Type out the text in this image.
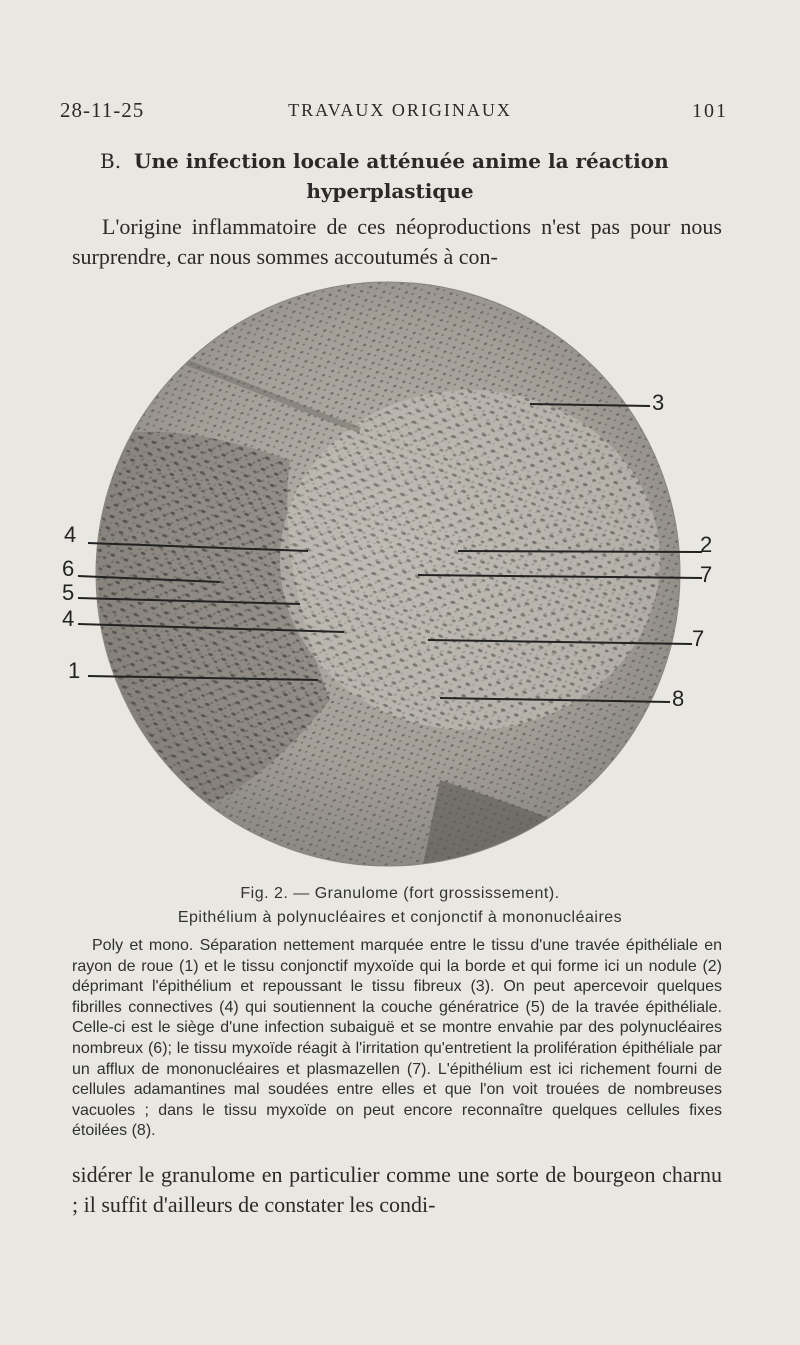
28-11-25	TRAVAUX ORIGINAUX	101
B. Une infection locale atténuée anime la réaction
hyperplastique
L'origine inflammatoire de ces néoproductions n'est pas pour nous surprendre, car nous sommes accoutumés à con-
3
4	2
6	7
5
4
7
1
8
Fig. 2. — Granulome (fort grossissement).
Epithélium à polynucléaires et conjonctif à mononucléaires

Poly et mono. Séparation nettement marquée entre le tissu d'une travée épithéliale en rayon de roue (1) et le tissu conjonctif myxoïde qui la borde et qui forme ici un nodule (2) déprimant l'épithélium et repoussant le tissu fibreux (3). On peut apercevoir quelques fibrilles connectives (4) qui soutiennent la couche génératrice (5) de la travée épithéliale. Celle-ci est le siège d'une infection subaiguë et se montre envahie par des polynucléaires nombreux (6); le tissu myxoïde réagit à l'irritation qu'entretient la prolifération épithéliale par un afflux de mononucléaires et plasmazellen (7). L'épithélium est ici richement fourni de cellules adamantines mal soudées entre elles et que l'on voit trouées de nombreuses vacuoles ; dans le tissu myxoïde on peut encore reconnaître quelques cellules fixes étoilées (8).

sidérer le granulome en particulier comme une sorte de bourgeon charnu ; il suffit d'ailleurs de constater les condi-
